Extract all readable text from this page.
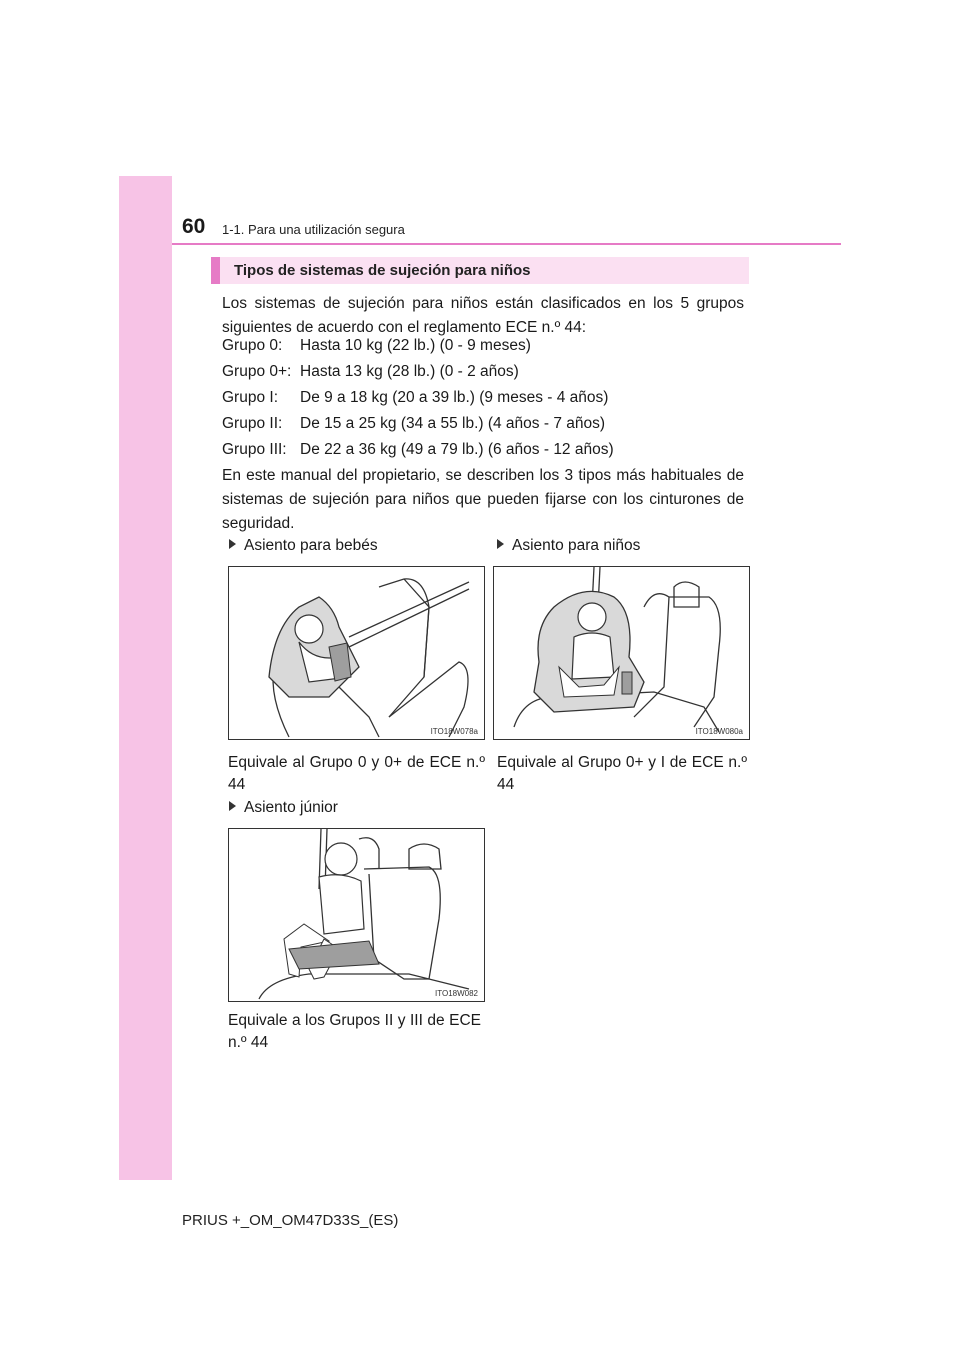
60 1-1. Para una utilización segura
Tipos de sistemas de sujeción para niños
Los sistemas de sujeción para niños están clasificados en los 5 grupos siguientes de acuerdo con el reglamento ECE n.º 44:
Grupo 0: Hasta 10 kg (22 lb.) (0 - 9 meses)
Grupo 0+: Hasta 13 kg (28 lb.) (0 - 2 años)
Grupo I: De 9 a 18 kg (20 a 39 lb.) (9 meses - 4 años)
Grupo II: De 15 a 25 kg (34 a 55 lb.) (4 años - 7 años)
Grupo III: De 22 a 36 kg (49 a 79 lb.) (6 años - 12 años)
En este manual del propietario, se describen los 3 tipos más habituales de sistemas de sujeción para niños que pueden fijarse con los cinturones de seguridad.
Asiento para bebés
ITO18W078a
Equivale al Grupo 0 y 0+ de ECE n.º 44
Asiento para niños
ITO18W080a
Equivale al Grupo 0+ y I de ECE n.º 44
Asiento júnior
ITO18W082
Equivale a los Grupos II y III de ECE n.º 44
PRIUS +_OM_OM47D33S_(ES)
